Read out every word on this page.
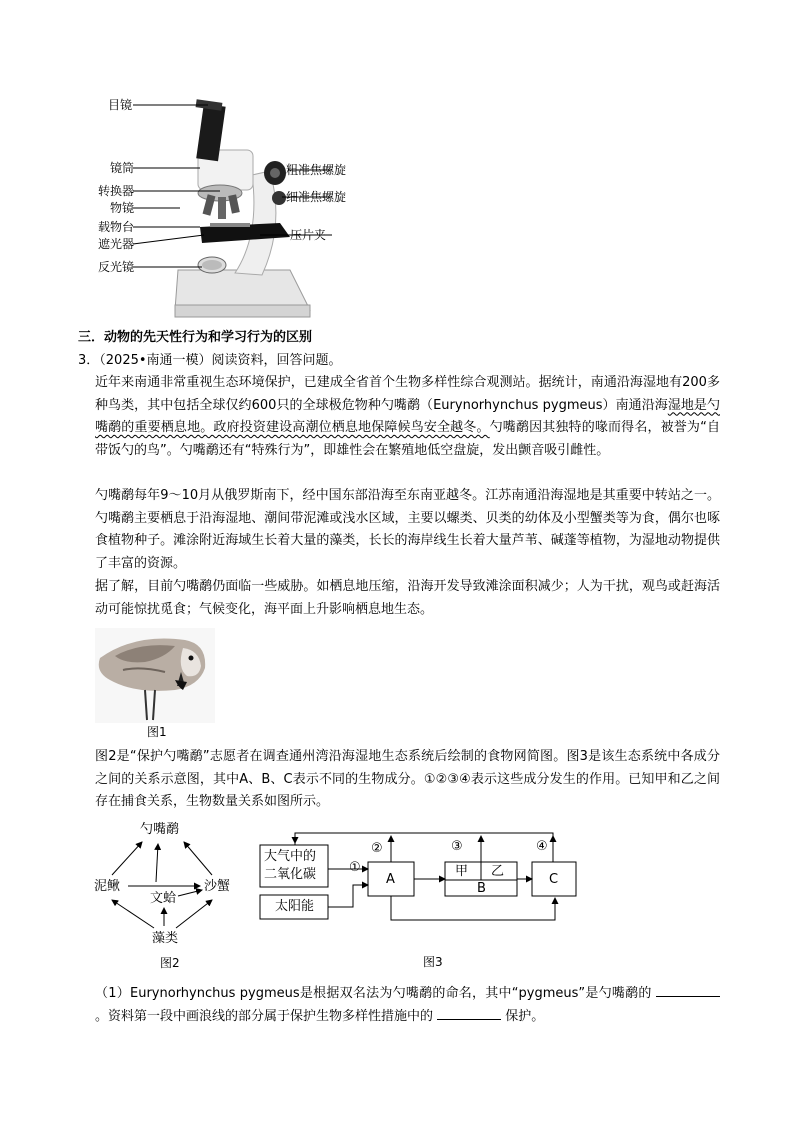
目镜
镜筒
转换器
物镜
载物台
遮光器
反光镜
粗准焦螺旋
细准焦螺旋
压片夹
三．动物的先天性行为和学习行为的区别
3．（2025•南通一模）阅读资料，回答问题。
近年来南通非常重视生态环境保护，已建成全省首个生物多样性综合观测站。据统计，南通沿海湿地有200多种鸟类，其中包括全球仅约600只的全球极危物种勺嘴鹬（Eurynorhynchus pygmeus）南通沿海湿地是勺嘴鹬的重要栖息地。政府投资建设高潮位栖息地保障候鸟安全越冬。勺嘴鹬因其独特的喙而得名，被誉为“自带饭勺的鸟”。勺嘴鹬还有“特殊行为”，即雄性会在繁殖地低空盘旋，发出颤音吸引雌性。
勺嘴鹬每年9～10月从俄罗斯南下，经中国东部沿海至东南亚越冬。江苏南通沿海湿地是其重要中转站之一。勺嘴鹬主要栖息于沿海湿地、潮间带泥滩或浅水区域，主要以螺类、贝类的幼体及小型蟹类等为食，偶尔也啄食植物种子。滩涂附近海域生长着大量的藻类，长长的海岸线生长着大量芦苇、碱蓬等植物，为湿地动物提供了丰富的资源。
据了解，目前勺嘴鹬仍面临一些威胁。如栖息地压缩，沿海开发导致滩涂面积减少；人为干扰，观鸟或赶海活动可能惊扰觅食；气候变化，海平面上升影响栖息地生态。
图1
图2是“保护勺嘴鹬”志愿者在调查通州湾沿海湿地生态系统后绘制的食物网简图。图3是该生态系统中各成分之间的关系示意图，其中A、B、C表示不同的生物成分。①②③④表示这些成分发生的作用。已知甲和乙之间存在捕食关系，生物数量关系如图所示。
勺嘴鹬
泥鳅
文蛤
沙蟹
藻类
图2
大气中的二氧化碳
太阳能
A
甲 乙
B
C
①
②	③	④
图3
（1）Eurynorhynchus pygmeus是根据双名法为勺嘴鹬的命名，其中“pygmeus”是勺嘴鹬的  。资料第一段中画浪线的部分属于保护生物多样性措施中的	保护。
